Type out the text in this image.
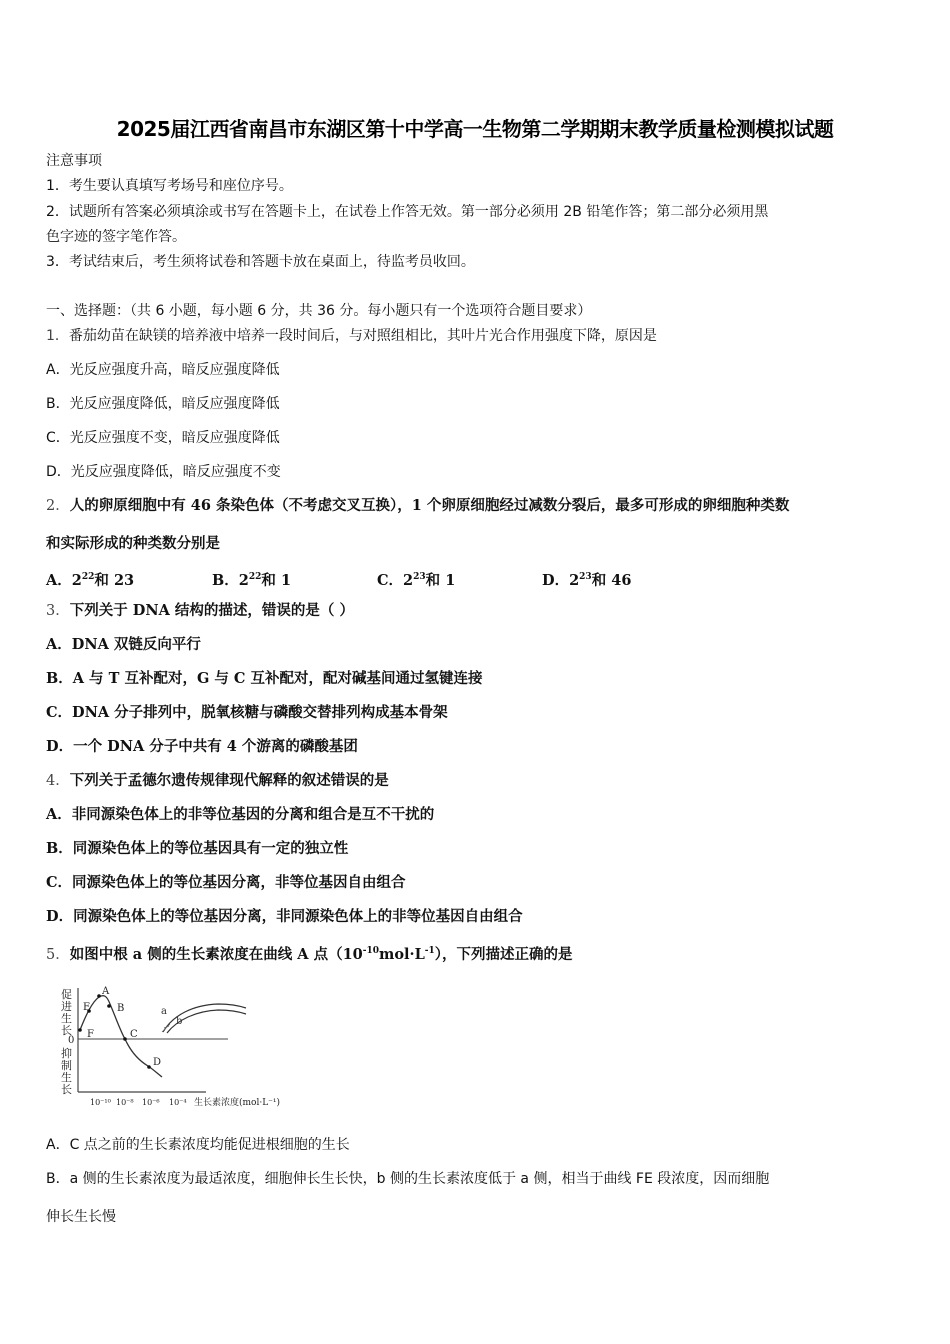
2025届江西省南昌市东湖区第十中学高一生物第二学期期末教学质量检测模拟试题
注意事项
1．考生要认真填写考场号和座位序号。
2．试题所有答案必须填涂或书写在答题卡上，在试卷上作答无效。第一部分必须用 2B 铅笔作答；第二部分必须用黑
色字迹的签字笔作答。
3．考试结束后，考生须将试卷和答题卡放在桌面上，待监考员收回。
一、选择题：（共 6 小题，每小题 6 分，共 36 分。每小题只有一个选项符合题目要求）
1．番茄幼苗在缺镁的培养液中培养一段时间后，与对照组相比，其叶片光合作用强度下降，原因是
A．光反应强度升高，暗反应强度降低
B．光反应强度降低，暗反应强度降低
C．光反应强度不变，暗反应强度降低
D．光反应强度降低，暗反应强度不变
2．人的卵原细胞中有 46 条染色体（不考虑交叉互换），1 个卵原细胞经过减数分裂后，最多可形成的卵细胞种类数
和实际形成的种类数分别是
A．$2^{22}$和 23	B．$2^{22}$和 1	C．$2^{23}$和 1	D．$2^{23}$和 46
3．下列关于 DNA 结构的描述，错误的是（ ）
A．DNA 双链反向平行
B．A 与 T 互补配对，G 与 C 互补配对，配对碱基间通过氢键连接
C．DNA 分子排列中，脱氧核糖与磷酸交替排列构成基本骨架
D．一个 DNA 分子中共有 4 个游离的磷酸基团
4．下列关于孟德尔遗传规律现代解释的叙述错误的是
A．非同源染色体上的非等位基因的分离和组合是互不干扰的
B．同源染色体上的等位基因具有一定的独立性
C．同源染色体上的等位基因分离，非等位基因自由组合
D．同源染色体上的等位基因分离，非同源染色体上的非等位基因自由组合
5．如图中根 a 侧的生长素浓度在曲线 A 点$(10^{-10}mol\cdot L^{-1})$，下列描述正确的是
促
进
生
长
0
抑
制
生
长
A
B
C
D
E
F
a
b
10⁻¹⁰ 10⁻⁸ 10⁻⁶ 10⁻⁴ 生长素浓度(mol·L⁻¹)
A．C 点之前的生长素浓度均能促进根细胞的生长
B．a 侧的生长素浓度为最适浓度，细胞伸长生长快，b 侧的生长素浓度低于 a 侧，相当于曲线 FE 段浓度，因而细胞
伸长生长慢
